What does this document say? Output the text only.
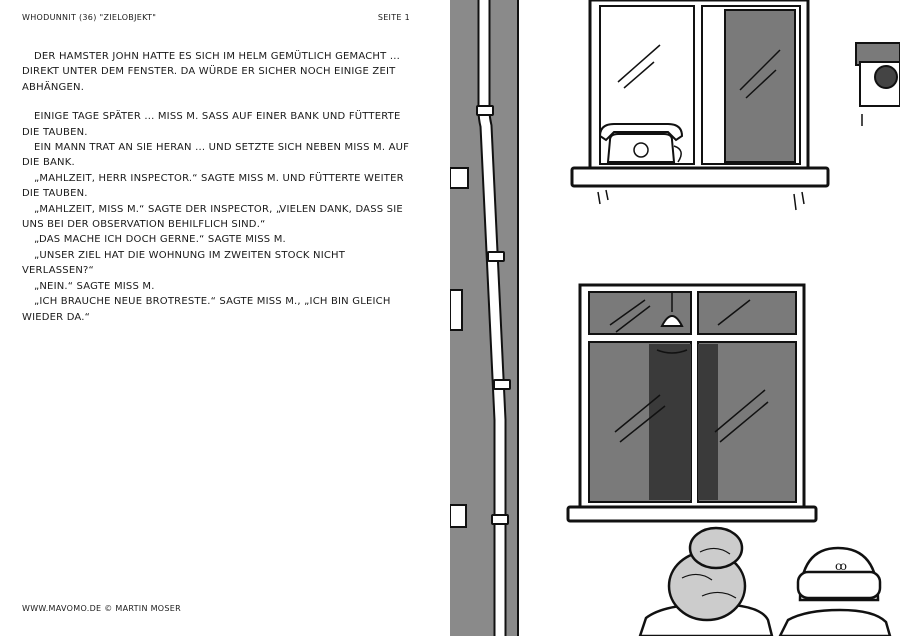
WHODUNNIT (36) "ZIELOBJEKT"	SEITE 1

DER HAMSTER JOHN HATTE ES SICH IM HELM GEMÜTLICH GEMACHT ... DIREKT UNTER DEM FENSTER. DA WÜRDE ER SICHER NOCH EINIGE ZEIT ABHÄNGEN.

EINIGE TAGE SPÄTER ... MISS M. SASS AUF EINER BANK UND FÜTTERTE DIE TAUBEN.

EIN MANN TRAT AN SIE HERAN ... UND SETZTE SICH NEBEN MISS M. AUF DIE BANK.

„MAHLZEIT, HERR INSPECTOR.“ SAGTE MISS M. UND FÜTTERTE WEITER DIE TAUBEN.

„MAHLZEIT, MISS M.“ SAGTE DER INSPECTOR, „VIELEN DANK, DASS SIE UNS BEI DER OBSERVATION BEHILFLICH SIND.“

„DAS MACHE ICH DOCH GERNE.“ SAGTE MISS M.

„UNSER ZIEL HAT DIE WOHNUNG IM ZWEITEN STOCK NICHT VERLASSEN?“

„NEIN.“ SAGTE MISS M.

„ICH BRAUCHE NEUE BROTRESTE.“ SAGTE MISS M., „ICH BIN GLEICH WIEDER DA.“

WWW.MAVOMO.DE © MARTIN MOSER
ꝏ
